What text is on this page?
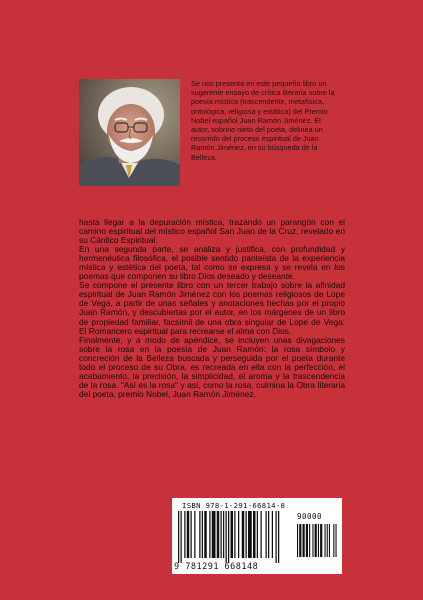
Se nos presenta en este pequeño libro un sugerente ensayo de crítica literaria sobre la poesía mística (trascendente, metafísica, ontológica, religiosa y extática) del Premio Nobel español Juan Ramón Jiménez. El autor, sobrino nieto del poeta, delinea un recorrido del proceso espiritual de Juan Ramón Jiménez, en su búsqueda de la Belleza,

hasta llegar a la depuración mística, trazando un parangón con el camino espiritual del místico español San Juan de la Cruz, revelado en su Cántico Espiritual.

En una segunda parte, se analiza y justifica, con profundidad y hermenéutica filosófica, el posible sentido panteísta de la experiencia mística y estética del poeta, tal como se expresa y se revela en los poemas que componen su libro Dios deseado y deseante.

Se compone el presente libro con un tercer trabajo sobre la afinidad espiritual de Juan Ramón Jiménez con los poemas religiosos de Lope de Vega, a partir de unas señales y anotaciones hechas por el propio Juan Ramón, y descubiertas por el autor, en los márgenes de un libro de propiedad familiar, facsímil de una obra singular de Lope de Vega: El Romancero espiritual para recrearse el alma con Dios.

Finalmente, y a modo de apéndice, se incluyen unas divagaciones sobre la rosa en la poesía de Juan Ramón: la rosa símbolo y concreción de la Belleza buscada y perseguida por el poeta durante todo el proceso de su Obra, es recreada en ella con la perfección, el acabamiento, la precisión, la simplicidad, el aroma y la trascendencia de la rosa. "Así es la rosa" y así, como la rosa, culmina la Obra literaria del poeta, premio Nobel, Juan Ramón Jiménez.

ISBN 978-1-291-66814-8
90000
9 781291 668148
